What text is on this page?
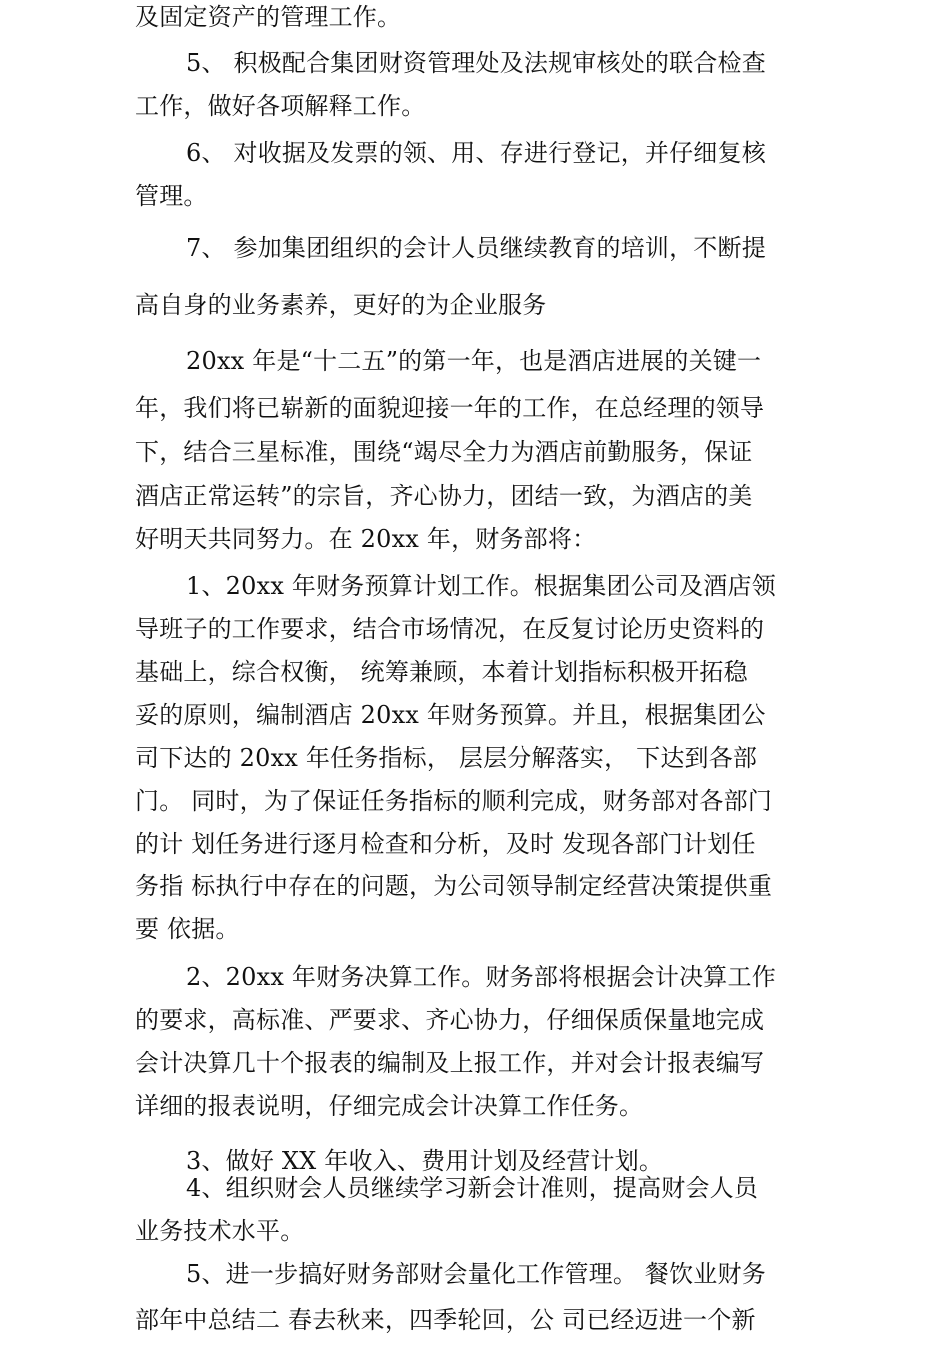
及固定资产的管理工作。
5、 积极配合集团财资管理处及法规审核处的联合检查
工作，做好各项解释工作。
6、 对收据及发票的领、用、存进行登记，并仔细复核
管理。
7、 参加集团组织的会计人员继续教育的培训，不断提
高自身的业务素养，更好的为企业服务
20xx 年是“十二五”的第一年，也是酒店进展的关键一
年，我们将已崭新的面貌迎接一年的工作，在总经理的领导
下，结合三星标准，围绕“竭尽全力为酒店前勤服务，保证
酒店正常运转”的宗旨，齐心协力，团结一致，为酒店的美
好明天共同努力。在 20xx 年，财务部将：
1、20xx 年财务预算计划工作。根据集团公司及酒店领
导班子的工作要求，结合市场情况，在反复讨论历史资料的
基础上，综合权衡， 统筹兼顾，本着计划指标积极开拓稳
妥的原则，编制酒店 20xx 年财务预算。并且，根据集团公
司下达的 20xx 年任务指标， 层层分解落实， 下达到各部
门。 同时，为了保证任务指标的顺利完成，财务部对各部门
的计 划任务进行逐月检查和分析，及时 发现各部门计划任
务指 标执行中存在的问题，为公司领导制定经营决策提供重
要 依据。
2、20xx 年财务决算工作。财务部将根据会计决算工作
的要求，高标准、严要求、齐心协力，仔细保质保量地完成
会计决算几十个报表的编制及上报工作，并对会计报表编写
详细的报表说明，仔细完成会计决算工作任务。
3、做好 XX 年收入、费用计划及经营计划。
4、组织财会人员继续学习新会计准则，提高财会人员
业务技术水平。
5、进一步搞好财务部财会量化工作管理。 餐饮业财务
部年中总结二 春去秋来，四季轮回，公 司已经迈进一个新
